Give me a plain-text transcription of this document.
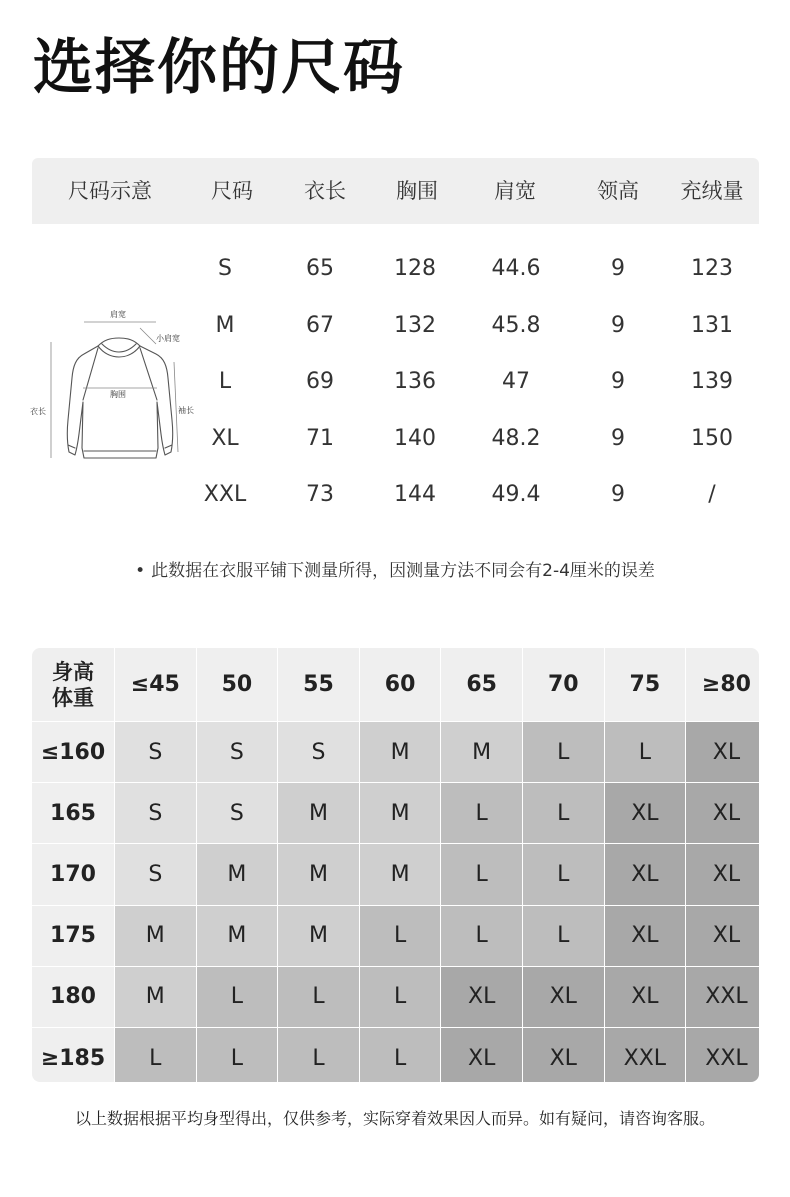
选择你的尺码
尺码示意	尺码	衣长	胸围	肩宽	领高	充绒量
S	65	128	44.6	9	123
M	67	132	45.8	9	131
L	69	136	47	9	139
XL	71	140	48.2	9	150
XXL	73	144	49.4	9	/
肩宽
小肩宽
胸围
衣长	袖长
• 此数据在衣服平铺下测量所得，因测量方法不同会有2-4厘米的误差
身高
体重
≤45	50	55	60	65	70	75	≥80
≤160	S	S	S	M	M	L	L	XL
165	S	S	M	M	L	L	XL	XL
170	S	M	M	M	L	L	XL	XL
175	M	M	M	L	L	L	XL	XL
180	M	L	L	L	XL	XL	XL	XXL
≥185	L	L	L	L	XL	XL	XXL	XXL
以上数据根据平均身型得出，仅供参考，实际穿着效果因人而异。如有疑问，请咨询客服。
